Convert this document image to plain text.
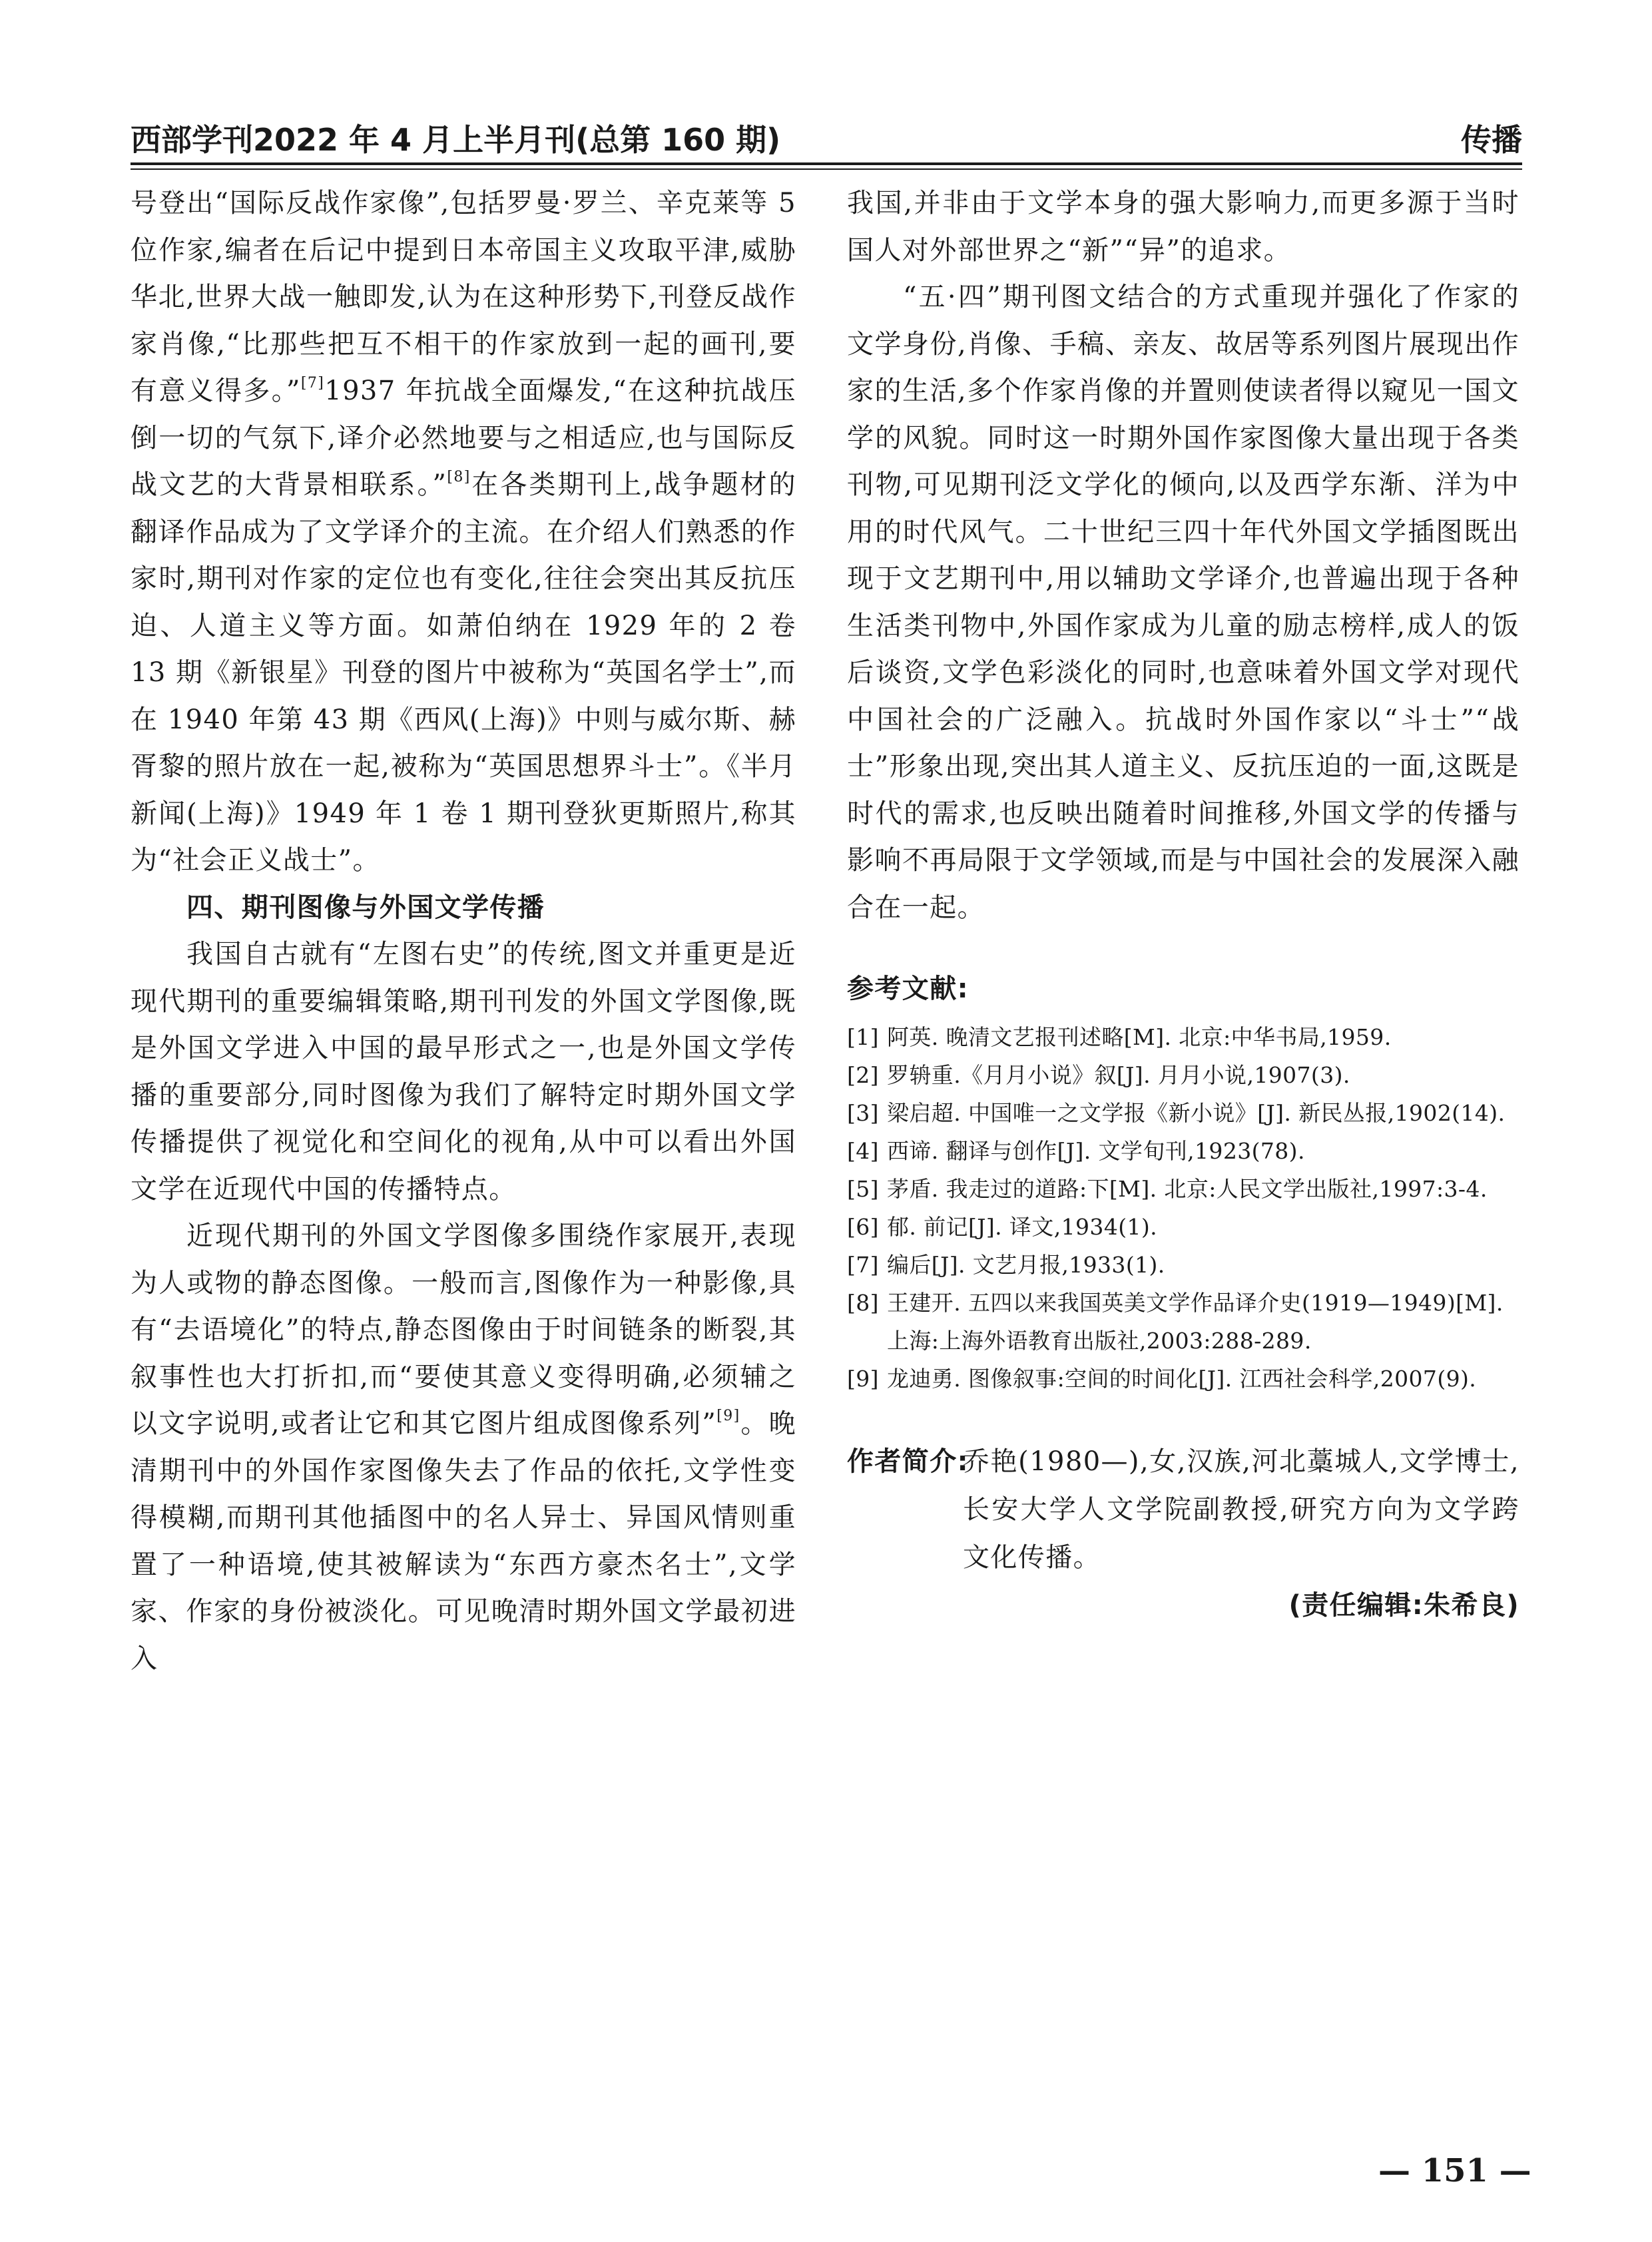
西部学刊2022 年 4 月上半月刊(总第 160 期)	传播

号登出“国际反战作家像”,包括罗曼·罗兰、辛克莱等 5 位作家,编者在后记中提到日本帝国主义攻取平津,威胁华北,世界大战一触即发,认为在这种形势下,刊登反战作家肖像,“比那些把互不相干的作家放到一起的画刊,要有意义得多。”[7]1937 年抗战全面爆发,“在这种抗战压倒一切的气氛下,译介必然地要与之相适应,也与国际反战文艺的大背景相联系。”[8]在各类期刊上,战争题材的翻译作品成为了文学译介的主流。在介绍人们熟悉的作家时,期刊对作家的定位也有变化,往往会突出其反抗压迫、人道主义等方面。如萧伯纳在 1929 年的 2 卷 13 期《新银星》刊登的图片中被称为“英国名学士”,而在 1940 年第 43 期《西风(上海)》中则与威尔斯、赫胥黎的照片放在一起,被称为“英国思想界斗士”。《半月新闻(上海)》1949 年 1 卷 1 期刊登狄更斯照片,称其为“社会正义战士”。

四、期刊图像与外国文学传播

我国自古就有“左图右史”的传统,图文并重更是近现代期刊的重要编辑策略,期刊刊发的外国文学图像,既是外国文学进入中国的最早形式之一,也是外国文学传播的重要部分,同时图像为我们了解特定时期外国文学传播提供了视觉化和空间化的视角,从中可以看出外国文学在近现代中国的传播特点。

近现代期刊的外国文学图像多围绕作家展开,表现为人或物的静态图像。一般而言,图像作为一种影像,具有“去语境化”的特点,静态图像由于时间链条的断裂,其叙事性也大打折扣,而“要使其意义变得明确,必须辅之以文字说明,或者让它和其它图片组成图像系列”[9]。晚清期刊中的外国作家图像失去了作品的依托,文学性变得模糊,而期刊其他插图中的名人异士、异国风情则重置了一种语境,使其被解读为“东西方豪杰名士”,文学家、作家的身份被淡化。可见晚清时期外国文学最初进入

我国,并非由于文学本身的强大影响力,而更多源于当时国人对外部世界之“新”“异”的追求。

“五·四”期刊图文结合的方式重现并强化了作家的文学身份,肖像、手稿、亲友、故居等系列图片展现出作家的生活,多个作家肖像的并置则使读者得以窥见一国文学的风貌。同时这一时期外国作家图像大量出现于各类刊物,可见期刊泛文学化的倾向,以及西学东渐、洋为中用的时代风气。二十世纪三四十年代外国文学插图既出现于文艺期刊中,用以辅助文学译介,也普遍出现于各种生活类刊物中,外国作家成为儿童的励志榜样,成人的饭后谈资,文学色彩淡化的同时,也意味着外国文学对现代中国社会的广泛融入。抗战时外国作家以“斗士”“战士”形象出现,突出其人道主义、反抗压迫的一面,这既是时代的需求,也反映出随着时间推移,外国文学的传播与影响不再局限于文学领域,而是与中国社会的发展深入融合在一起。

参考文献:
[1] 阿英. 晚清文艺报刊述略[M]. 北京:中华书局,1959.
[2] 罗辀重.《月月小说》叙[J]. 月月小说,1907(3).
[3] 梁启超. 中国唯一之文学报《新小说》[J]. 新民丛报,1902(14).
[4] 西谛. 翻译与创作[J]. 文学旬刊,1923(78).
[5] 茅盾. 我走过的道路:下[M]. 北京:人民文学出版社,1997:3-4.
[6] 郁. 前记[J]. 译文,1934(1).
[7] 编后[J]. 文艺月报,1933(1).
[8] 王建开. 五四以来我国英美文学作品译介史(1919—1949)[M]. 上海:上海外语教育出版社,2003:288-289.
[9] 龙迪勇. 图像叙事:空间的时间化[J]. 江西社会科学,2007(9).
作者简介:
乔艳(1980—),女,汉族,河北藁城人,文学博士,长安大学人文学院副教授,研究方向为文学跨文化传播。
(责任编辑:朱希良)
— 151 —
